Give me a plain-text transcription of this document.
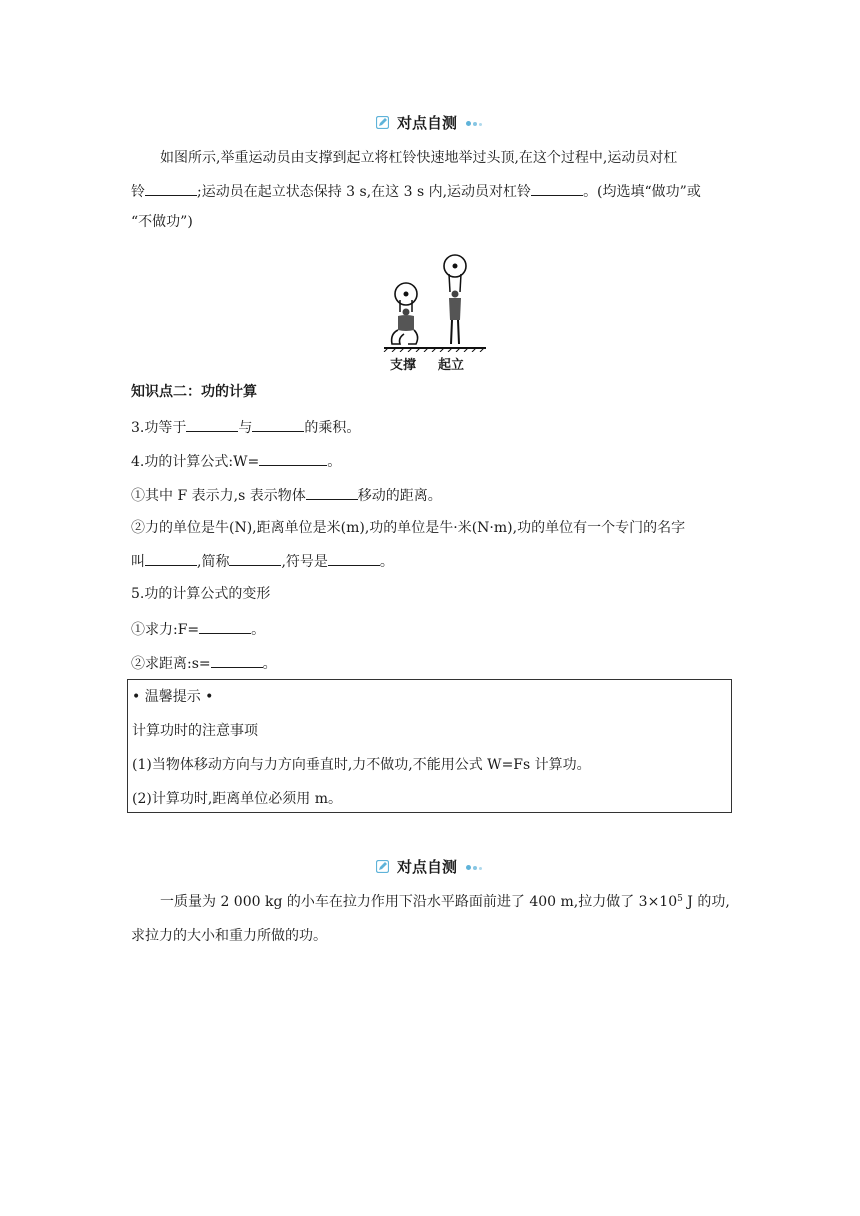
对点自测
如图所示,举重运动员由支撑到起立将杠铃快速地举过头顶,在这个过程中,运动员对杠
铃	;运动员在起立状态保持 3 s,在这 3 s 内,运动员对杠铃	。(均选填“做功”或
“不做功”)
支撑 起立
知识点二：功的计算
3.功等于	与	的乘积。
4.功的计算公式:W=	。
①其中 F 表示力,s 表示物体	移动的距离。
②力的单位是牛(N),距离单位是米(m),功的单位是牛·米(N·m),功的单位有一个专门的名字
叫	,简称	,符号是	。
5.功的计算公式的变形
①求力:F=	。
②求距离:s=	。
• 温馨提示 •
计算功时的注意事项
(1)当物体移动方向与力方向垂直时,力不做功,不能用公式 W=Fs 计算功。
(2)计算功时,距离单位必须用 m。
对点自测
一质量为 2 000 kg 的小车在拉力作用下沿水平路面前进了 400 m,拉力做了 $3\times 10^5$ J 的功,
求拉力的大小和重力所做的功。
